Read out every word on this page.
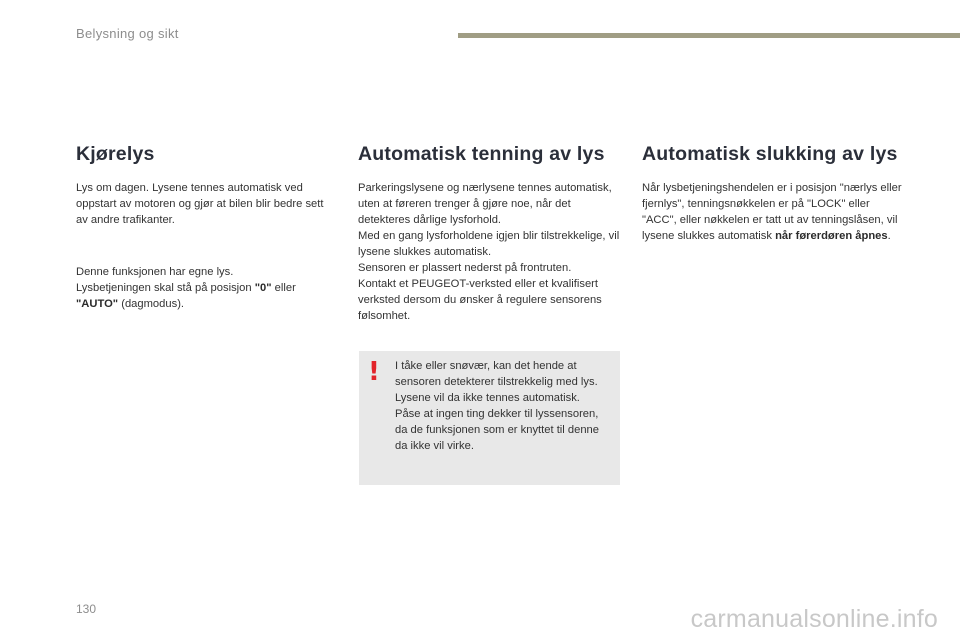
Belysning og sikt
Kjørelys

Lys om dagen. Lysene tennes automatisk ved oppstart av motoren og gjør at bilen blir bedre sett av andre trafikanter.

Denne funksjonen har egne lys.
Lysbetjeningen skal stå på posisjon "0" eller
"AUTO" (dagmodus).

Automatisk tenning av lys

Parkeringslysene og nærlysene tennes automatisk, uten at føreren trenger å gjøre noe, når det detekteres dårlige lysforhold.

Med en gang lysforholdene igjen blir tilstrekkelige, vil lysene slukkes automatisk.

Sensoren er plassert nederst på frontruten.

Kontakt et PEUGEOT-verksted eller et kvalifisert verksted dersom du ønsker å regulere sensorens følsomhet.

! I tåke eller snøvær, kan det hende at sensoren detekterer tilstrekkelig med lys. Lysene vil da ikke tennes automatisk.

Påse at ingen ting dekker til lyssensoren, da de funksjonen som er knyttet til denne da ikke vil virke.

Automatisk slukking av lys

Når lysbetjeningshendelen er i posisjon "nærlys eller fjernlys", tenningsnøkkelen er på "LOCK" eller "ACC", eller nøkkelen er tatt ut av tenningslåsen, vil lysene slukkes automatisk når førerdøren åpnes.

130	carmanualsonline.info
